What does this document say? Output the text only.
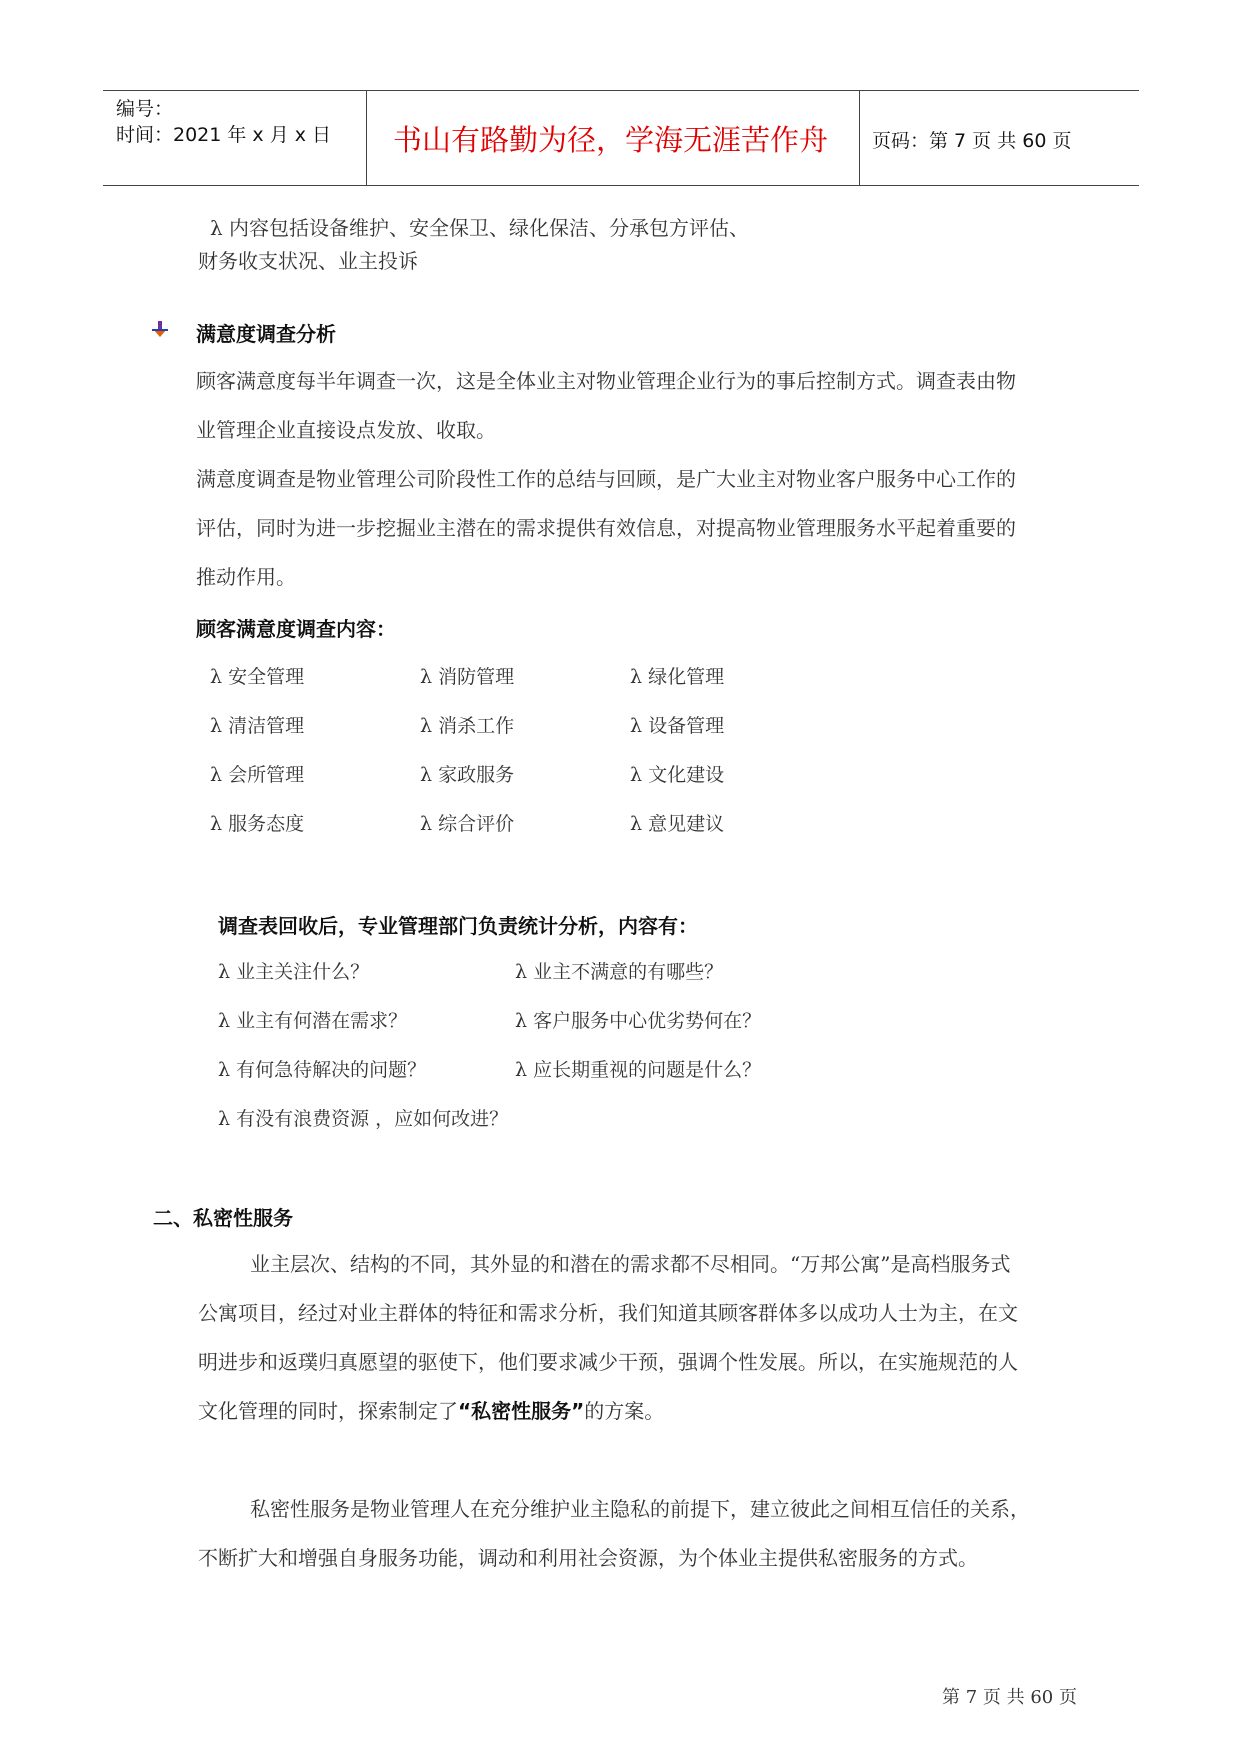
编号：
时间：2021 年 x 月 x 日 书山有路勤为径，学海无涯苦作舟 页码：第 7 页 共 60 页
λ 内容包括设备维护、安全保卫、绿化保洁、分承包方评估、
财务收支状况、业主投诉
满意度调查分析
顾客满意度每半年调查一次，这是全体业主对物业管理企业行为的事后控制方式。调查表由物
业管理企业直接设点发放、收取。
满意度调查是物业管理公司阶段性工作的总结与回顾，是广大业主对物业客户服务中心工作的
评估，同时为进一步挖掘业主潜在的需求提供有效信息，对提高物业管理服务水平起着重要的
推动作用。
顾客满意度调查内容：
λ 安全管理	λ 消防管理	λ 绿化管理
λ 清洁管理	λ 消杀工作	λ 设备管理
λ 会所管理	λ 家政服务	λ 文化建设
λ 服务态度	λ 综合评价	λ 意见建议
调查表回收后，专业管理部门负责统计分析，内容有：
λ 业主关注什么？	λ 业主不满意的有哪些？
λ 业主有何潜在需求？	λ 客户服务中心优劣势何在？
λ 有何急待解决的问题？	λ 应长期重视的问题是什么？
λ 有没有浪费资源 ，应如何改进？
二、私密性服务
业主层次、结构的不同，其外显的和潜在的需求都不尽相同。“万邦公寓”是高档服务式
公寓项目，经过对业主群体的特征和需求分析，我们知道其顾客群体多以成功人士为主，在文
明进步和返璞归真愿望的驱使下，他们要求减少干预，强调个性发展。所以，在实施规范的人
文化管理的同时，探索制定了“私密性服务”的方案。
私密性服务是物业管理人在充分维护业主隐私的前提下，建立彼此之间相互信任的关系，
不断扩大和增强自身服务功能，调动和利用社会资源，为个体业主提供私密服务的方式。
第 7 页 共 60 页
